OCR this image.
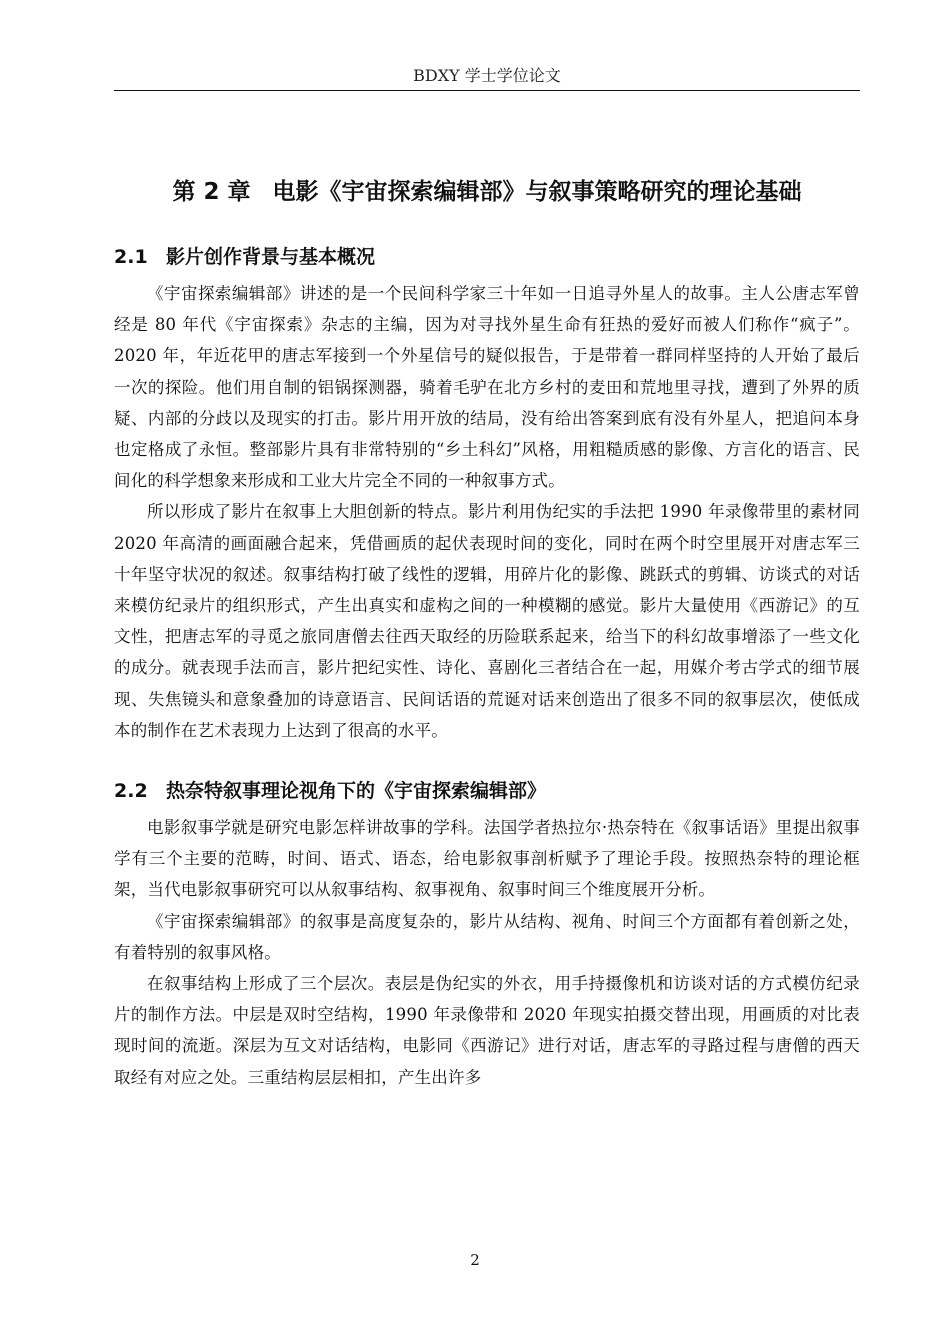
BDXY 学士学位论文
第 2 章 电影《宇宙探索编辑部》与叙事策略研究的理论基础
2.1 影片创作背景与基本概况

《宇宙探索编辑部》讲述的是一个民间科学家三十年如一日追寻外星人的故事。主人公唐志军曾经是 80 年代《宇宙探索》杂志的主编，因为对寻找外星生命有狂热的爱好而被人们称作“疯子”。2020 年，年近花甲的唐志军接到一个外星信号的疑似报告，于是带着一群同样坚持的人开始了最后一次的探险。他们用自制的铝锅探测器，骑着毛驴在北方乡村的麦田和荒地里寻找，遭到了外界的质疑、内部的分歧以及现实的打击。影片用开放的结局，没有给出答案到底有没有外星人，把追问本身也定格成了永恒。整部影片具有非常特别的“乡土科幻”风格，用粗糙质感的影像、方言化的语言、民间化的科学想象来形成和工业大片完全不同的一种叙事方式。

所以形成了影片在叙事上大胆创新的特点。影片利用伪纪实的手法把 1990 年录像带里的素材同 2020 年高清的画面融合起来，凭借画质的起伏表现时间的变化，同时在两个时空里展开对唐志军三十年坚守状况的叙述。叙事结构打破了线性的逻辑，用碎片化的影像、跳跃式的剪辑、访谈式的对话来模仿纪录片的组织形式，产生出真实和虚构之间的一种模糊的感觉。影片大量使用《西游记》的互文性，把唐志军的寻觅之旅同唐僧去往西天取经的历险联系起来，给当下的科幻故事增添了一些文化的成分。就表现手法而言，影片把纪实性、诗化、喜剧化三者结合在一起，用媒介考古学式的细节展现、失焦镜头和意象叠加的诗意语言、民间话语的荒诞对话来创造出了很多不同的叙事层次，使低成本的制作在艺术表现力上达到了很高的水平。

2.2 热奈特叙事理论视角下的《宇宙探索编辑部》

电影叙事学就是研究电影怎样讲故事的学科。法国学者热拉尔·热奈特在《叙事话语》里提出叙事学有三个主要的范畴，时间、语式、语态，给电影叙事剖析赋予了理论手段。按照热奈特的理论框架，当代电影叙事研究可以从叙事结构、叙事视角、叙事时间三个维度展开分析。

《宇宙探索编辑部》的叙事是高度复杂的，影片从结构、视角、时间三个方面都有着创新之处，有着特别的叙事风格。

在叙事结构上形成了三个层次。表层是伪纪实的外衣，用手持摄像机和访谈对话的方式模仿纪录片的制作方法。中层是双时空结构，1990 年录像带和 2020 年现实拍摄交替出现，用画质的对比表现时间的流逝。深层为互文对话结构，电影同《西游记》进行对话，唐志军的寻路过程与唐僧的西天取经有对应之处。三重结构层层相扣，产生出许多

2
